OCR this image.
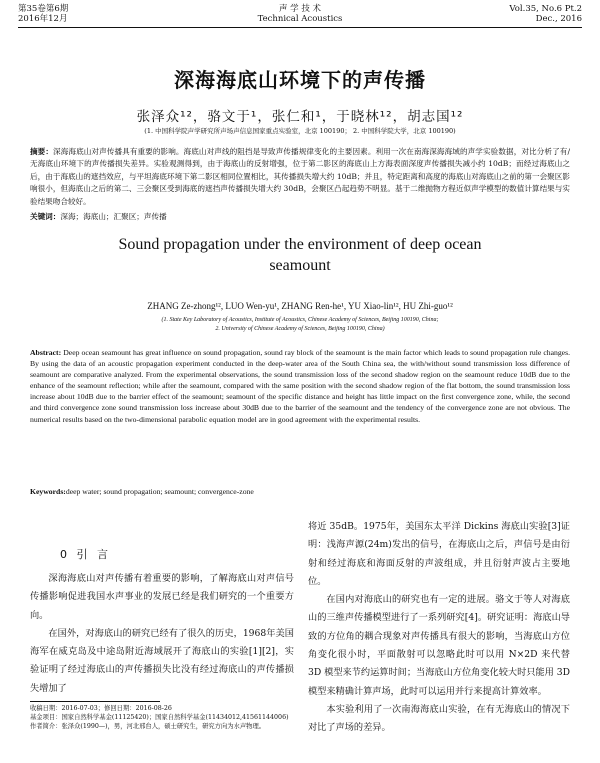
第35卷第6期
2016年12月
声 学 技 术
Technical Acoustics
Vol.35, No.6 Pt.2
Dec., 2016
深海海底山环境下的声传播
张泽众¹²，骆文于¹，张仁和¹，于晓林¹²，胡志国¹²
(1. 中国科学院声学研究所声场声信息国家重点实验室，北京 100190； 2. 中国科学院大学，北京 100190)
摘要：深海海底山对声传播具有重要的影响。海底山对声线的阻挡是导致声传播规律变化的主要因素。利用一次在南海深海海域的声学实验数据，对比分析了有/无海底山环境下的声传播损失差异。实验观测得到，由于海底山的反射增强，位于第二影区的海底山上方海表面深度声传播损失减小约 10dB；而经过海底山之后，由于海底山的遮挡效应，与平坦海底环境下第二影区相同位置相比，其传播损失增大约 10dB；并且，特定距离和高度的海底山对海底山之前的第一会聚区影响很小，但海底山之后的第二、三会聚区受到海底的遮挡声传播损失增大约 30dB，会聚区凸起趋势不明显。基于二维抛物方程近似声学模型的数值计算结果与实验结果吻合较好。
关键词：深海；海底山；汇聚区；声传播
Sound propagation under the environment of deep ocean
seamount
ZHANG Ze-zhong¹², LUO Wen-yu¹, ZHANG Ren-he¹, YU Xiao-lin¹², HU Zhi-guo¹²
(1. State Key Laboratory of Acoustics, Institute of Acoustics, Chinese Academy of Sciences, Beijing 100190, China;
2. University of Chinese Academy of Sciences, Beijing 100190, China)
Abstract: Deep ocean seamount has great influence on sound propagation, sound ray block of the seamount is the main factor which leads to sound propagation rule changes. By using the data of an acoustic propagation experiment conducted in the deep-water area of the South China sea, the with/without sound transmission loss difference of seamount are comparative analyzed. From the experimental observations, the sound transmission loss of the second shadow region on the seamount reduce 10dB due to the enhance of the seamount reflection; while after the seamount, compared with the same position with the second shadow region of the flat bottom, the sound transmission loss increase about 10dB due to the barrier effect of the seamount; seamount of the specific distance and height has little impact on the first convergence zone, while, the second and third convergence zone sound transmission loss increase about 30dB due to the barrier of the seamount and the tendency of the convergence zone are not obvious. The numerical results based on the two-dimensional parabolic equation model are in good agreement with the experimental results.
Keywords:deep water; sound propagation; seamount; convergence-zone
0 引 言

深海海底山对声传播有着重要的影响，了解海底山对声信号传播影响促进我国水声事业的发展已经是我们研究的一个重要方向。

在国外，对海底山的研究已经有了很久的历史，1968年美国海军在威克岛及中途岛附近海域展开了海底山的实验[1][2]，实验证明了经过海底山的声传播损失比没有经过海底山的声传播损失增加了

将近 35dB。1975年，美国东太平洋 Dickins 海底山实验[3]证明：浅海声源(24m)发出的信号，在海底山之后，声信号是由衍射和经过海底和海面反射的声波组成，并且衍射声波占主要地位。

在国内对海底山的研究也有一定的进展。骆文于等人对海底山的三维声传播模型进行了一系列研究[4]。研究证明：海底山导致的方位角的耦合现象对声传播具有很大的影响，当海底山方位角变化很小时，平面散射可以忽略此时可以用 N×2D 来代替 3D 模型来节约运算时间；当海底山方位角变化较大时只能用 3D 模型来精确计算声场，此时可以运用并行来提高计算效率。

本实验利用了一次南海海底山实验，在有无海底山的情况下对比了声场的差异。

收稿日期：2016-07-03；修回日期：2016-08-26
基金项目：国家自然科学基金(11125420)；国家自然科学基金(11434012,41561144006)
作者简介：张泽众(1990—)，男，河北邢台人，硕士研究生，研究方向为水声物理。
